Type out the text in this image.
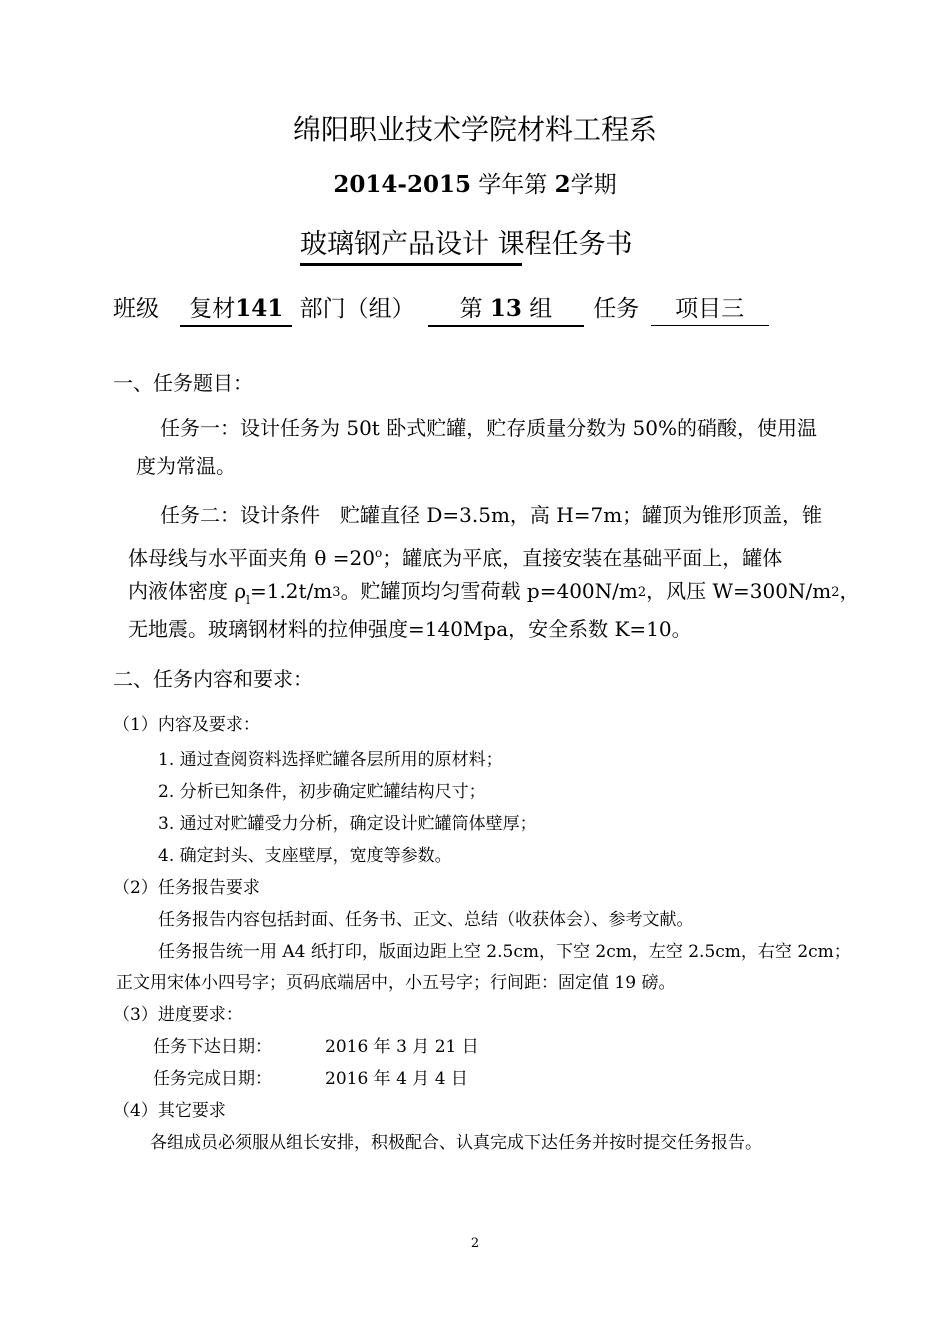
绵阳职业技术学院材料工程系
2014-2015 学年第 2学期
玻璃钢产品设计 课程任务书
班级 复材141 部门（组） 第 13 组 任务 项目三
一、任务题目：
任务一：设计任务为 50t 卧式贮罐，贮存质量分数为 50%的硝酸，使用温
度为常温。
任务二：设计条件　贮罐直径 D=3.5m，高 H=7m；罐顶为锥形顶盖，锥
体母线与水平面夹角 $\theta =20^o$；罐底为平底，直接安装在基础平面上，罐体
内液体密度 $\rho_l=1.2t/m3$。贮罐顶均匀雪荷载 p=400N/m2，风压 W=300N/m2，
无地震。玻璃钢材料的拉伸强度=140Mpa，安全系数 K=10。
二、任务内容和要求：
（1）内容及要求：
1. 通过查阅资料选择贮罐各层所用的原材料；
2. 分析已知条件，初步确定贮罐结构尺寸；
3. 通过对贮罐受力分析，确定设计贮罐筒体壁厚；
4. 确定封头、支座壁厚，宽度等参数。
（2）任务报告要求
任务报告内容包括封面、任务书、正文、总结（收获体会）、参考文献。
任务报告统一用 A4 纸打印，版面边距上空 2.5cm，下空 2cm，左空 2.5cm，右空 2cm；
正文用宋体小四号字；页码底端居中，小五号字；行间距：固定值 19 磅。
（3）进度要求：
任务下达日期：	2016 年 3 月 21 日
任务完成日期：	2016 年 4 月 4 日
（4）其它要求
各组成员必须服从组长安排，积极配合、认真完成下达任务并按时提交任务报告。
2
